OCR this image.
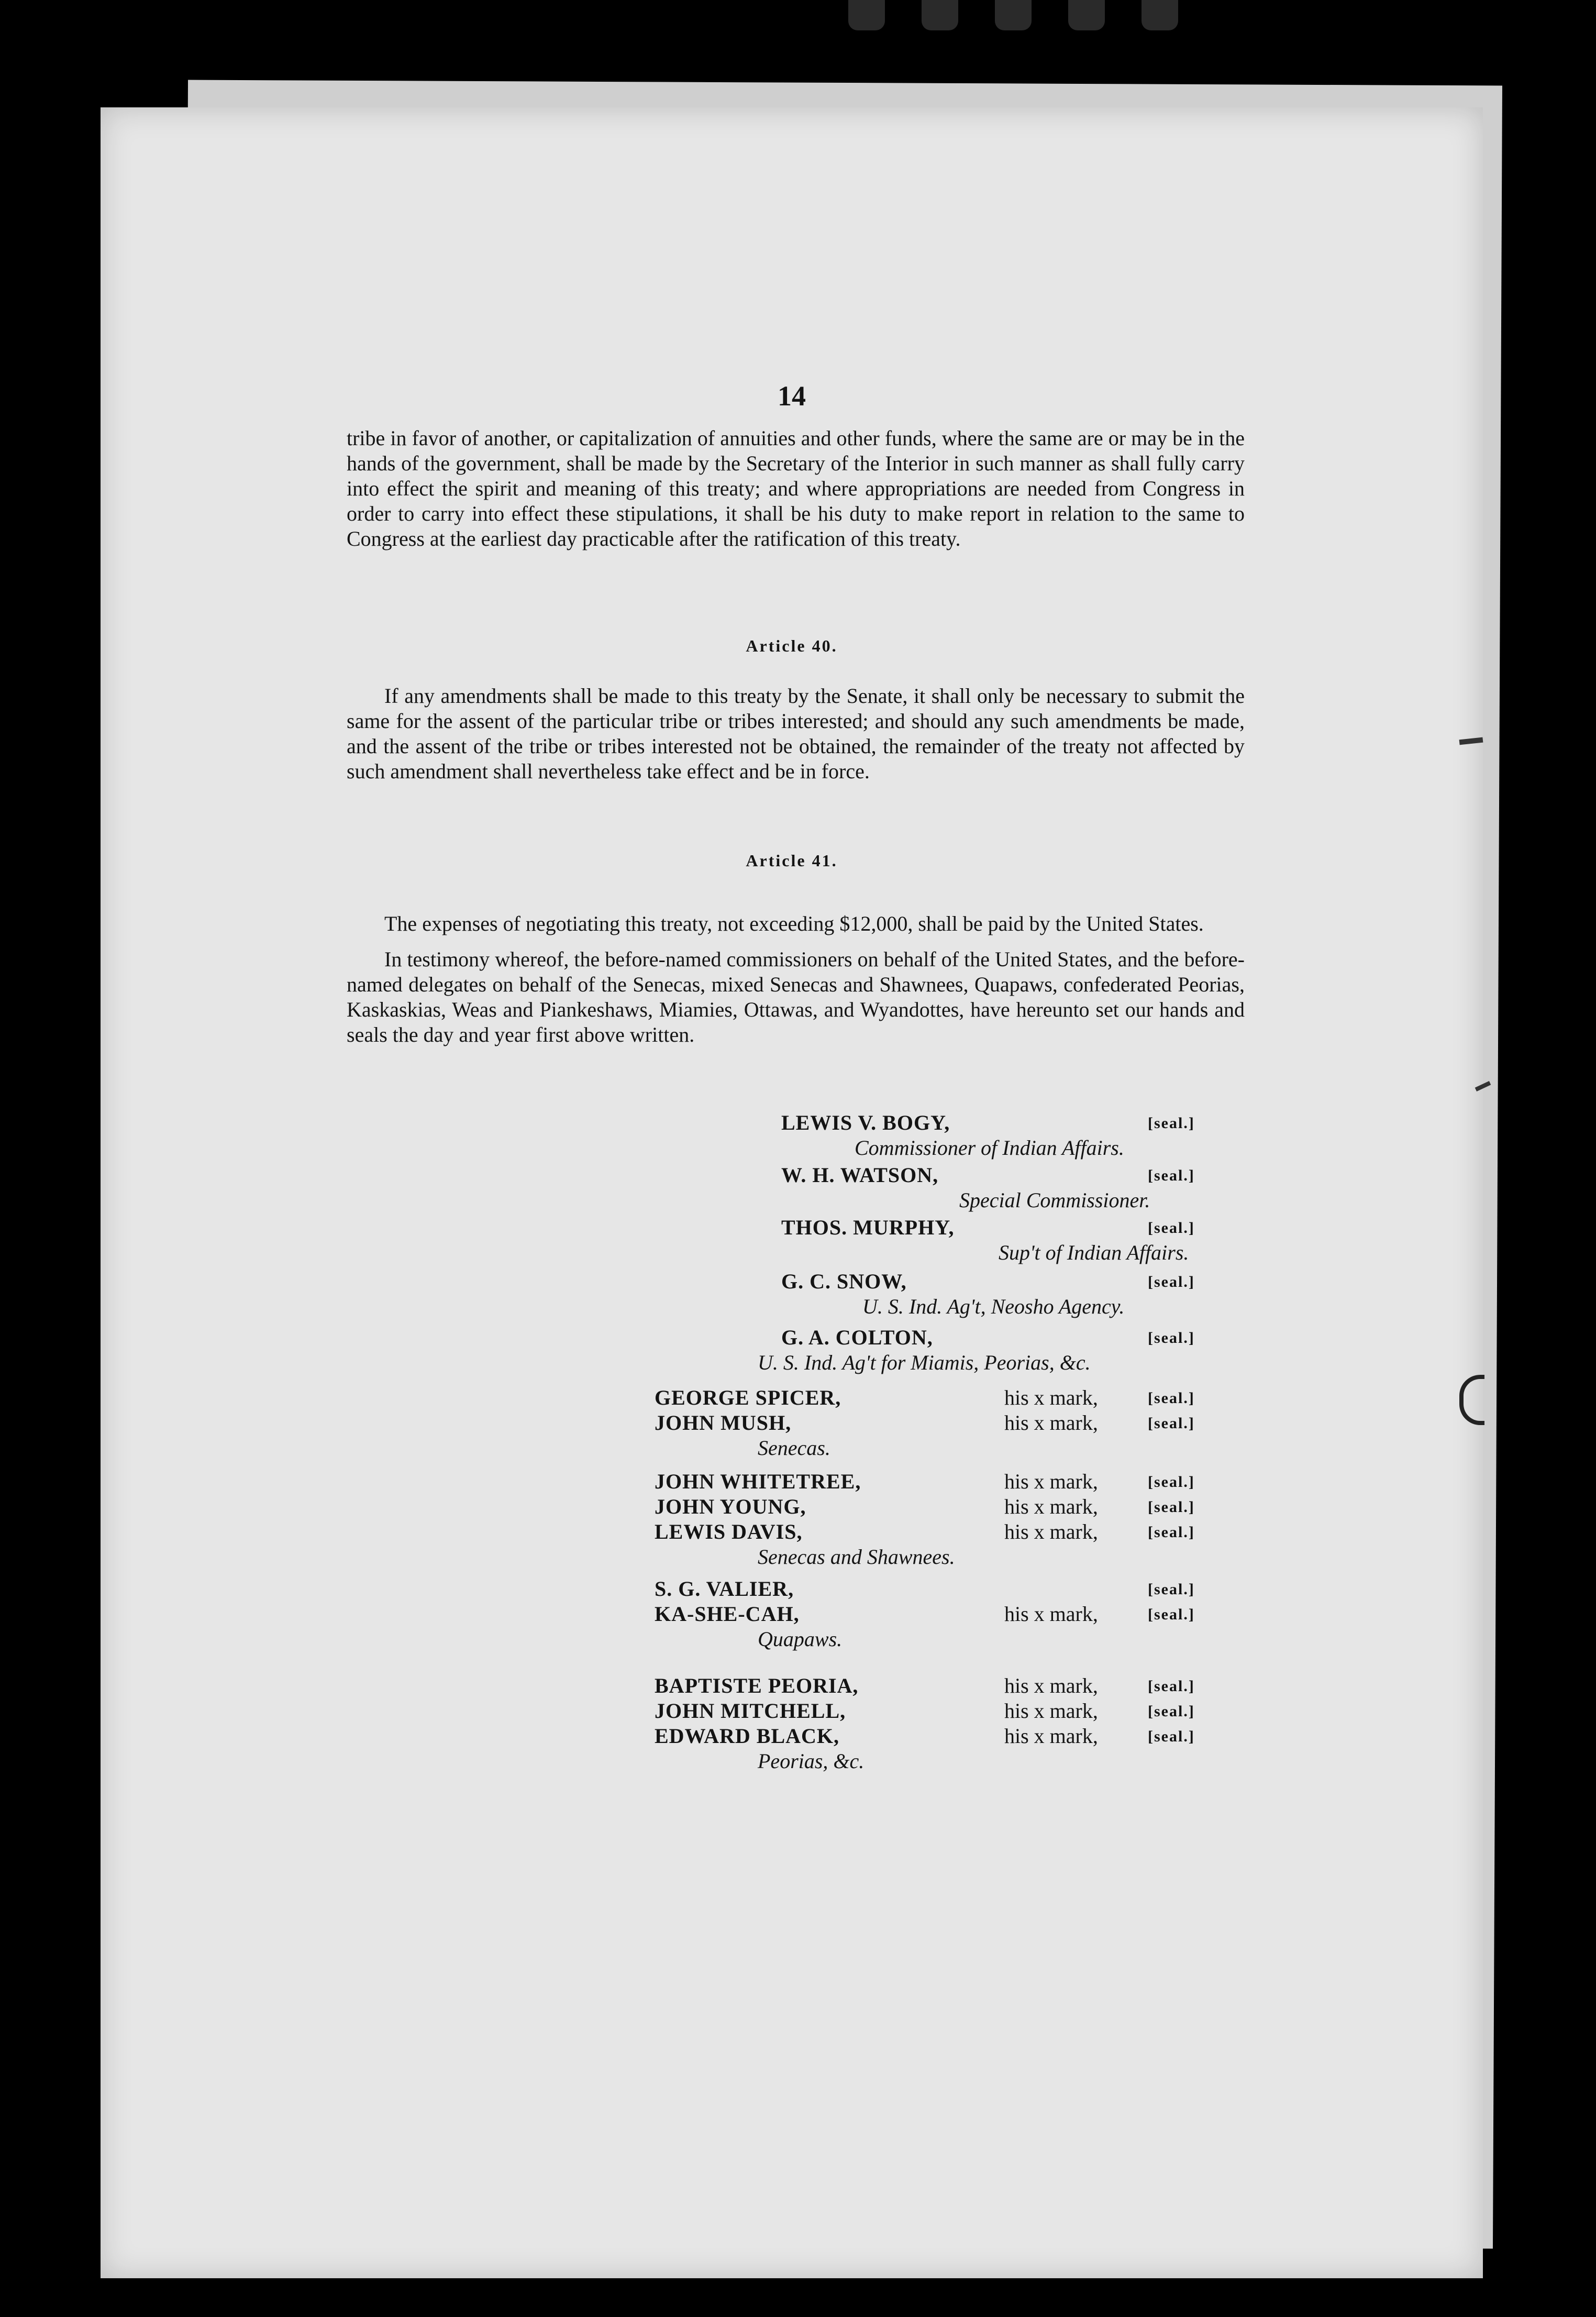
14

tribe in favor of another, or capitalization of annuities and other funds, where the same are or may be in the hands of the government, shall be made by the Secretary of the Interior in such manner as shall fully carry into effect the spirit and meaning of this treaty; and where appropriations are needed from Congress in order to carry into effect these stipulations, it shall be his duty to make report in relation to the same to Congress at the earliest day practicable after the ratification of this treaty.

Article 40.

If any amendments shall be made to this treaty by the Senate, it shall only be necessary to submit the same for the assent of the particular tribe or tribes interested; and should any such amendments be made, and the assent of the tribe or tribes interested not be obtained, the remainder of the treaty not affected by such amendment shall nevertheless take effect and be in force.

Article 41.

The expenses of negotiating this treaty, not exceeding $12,000, shall be paid by the United States.

In testimony whereof, the before-named commissioners on behalf of the United States, and the before-named delegates on behalf of the Senecas, mixed Senecas and Shawnees, Quapaws, confederated Peorias, Kaskaskias, Weas and Piankeshaws, Miamies, Ottawas, and Wyandottes, have hereunto set our hands and seals the day and year first above written.

LEWIS V. BOGY,	[seal.]
Commissioner of Indian Affairs.
W. H. WATSON,	[seal.]
Special Commissioner.
THOS. MURPHY,	[seal.]
Sup't of Indian Affairs.
G. C. SNOW,	[seal.]
U. S. Ind. Ag't, Neosho Agency.
G. A. COLTON,	[seal.]
U. S. Ind. Ag't for Miamis, Peorias, &c.
GEORGE SPICER,	his x mark,	[seal.]
JOHN MUSH,	his x mark,	[seal.]
Senecas.
JOHN WHITETREE,	his x mark,	[seal.]
JOHN YOUNG,	his x mark,	[seal.]
LEWIS DAVIS,	his x mark,	[seal.]
Senecas and Shawnees.
S. G. VALIER,	[seal.]
KA-SHE-CAH,	his x mark,	[seal.]
Quapaws.
BAPTISTE PEORIA,	his x mark,	[seal.]
JOHN MITCHELL,	his x mark,	[seal.]
EDWARD BLACK,	his x mark,	[seal.]
Peorias, &c.
